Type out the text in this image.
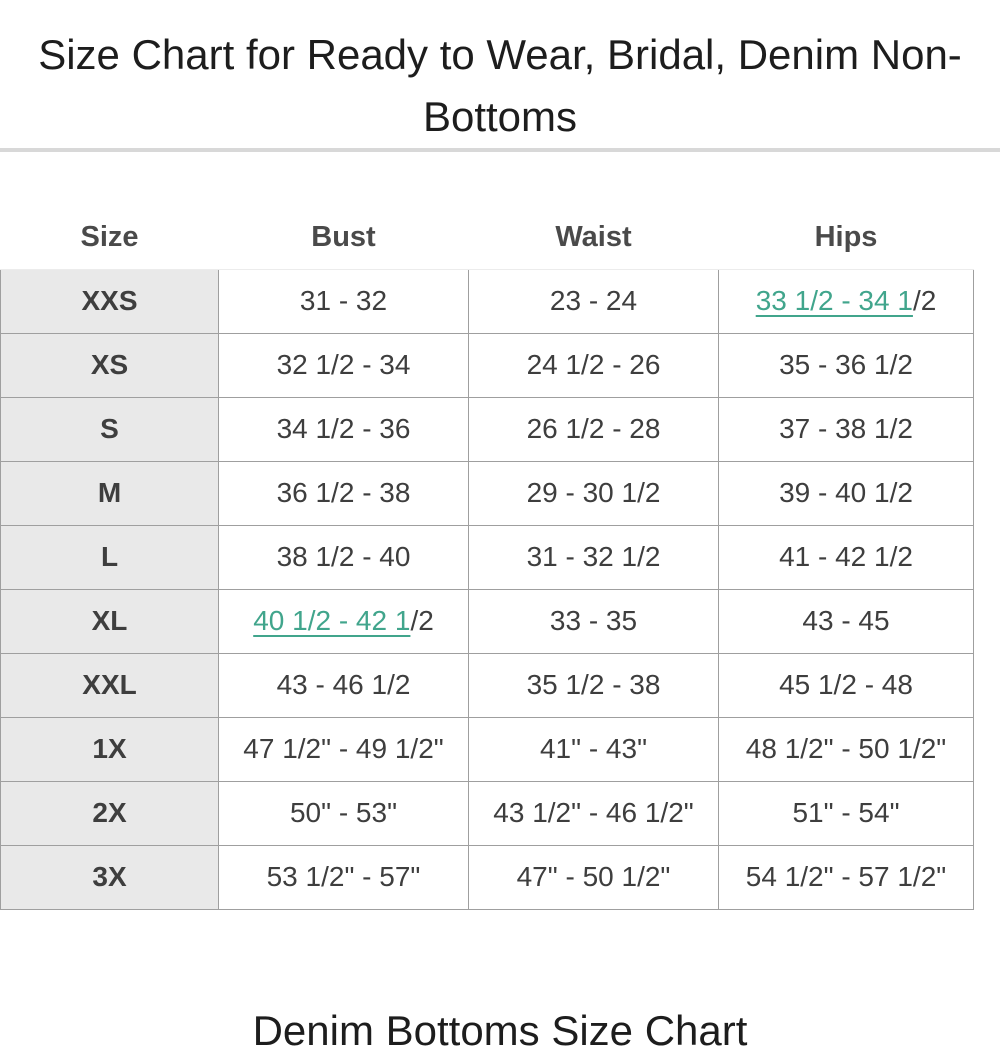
Size Chart for Ready to Wear, Bridal, Denim Non-
Bottoms
Size	Bust	Waist	Hips
XXS	31 - 32	23 - 24	33 1/2 - 34 1/2
XS	32 1/2 - 34	24 1/2 - 26	35 - 36 1/2
S	34 1/2 - 36	26 1/2 - 28	37 - 38 1/2
M	36 1/2 - 38	29 - 30 1/2	39 - 40 1/2
L	38 1/2 - 40	31 - 32 1/2	41 - 42 1/2
XL	40 1/2 - 42 1/2	33 - 35	43 - 45
XXL	43 - 46 1/2	35 1/2 - 38	45 1/2 - 48
1X	47 1/2" - 49 1/2"	41" - 43"	48 1/2" - 50 1/2"
2X	50" - 53"	43 1/2" - 46 1/2"	51" - 54"
3X	53 1/2" - 57"	47" - 50 1/2"	54 1/2" - 57 1/2"
Denim Bottoms Size Chart
